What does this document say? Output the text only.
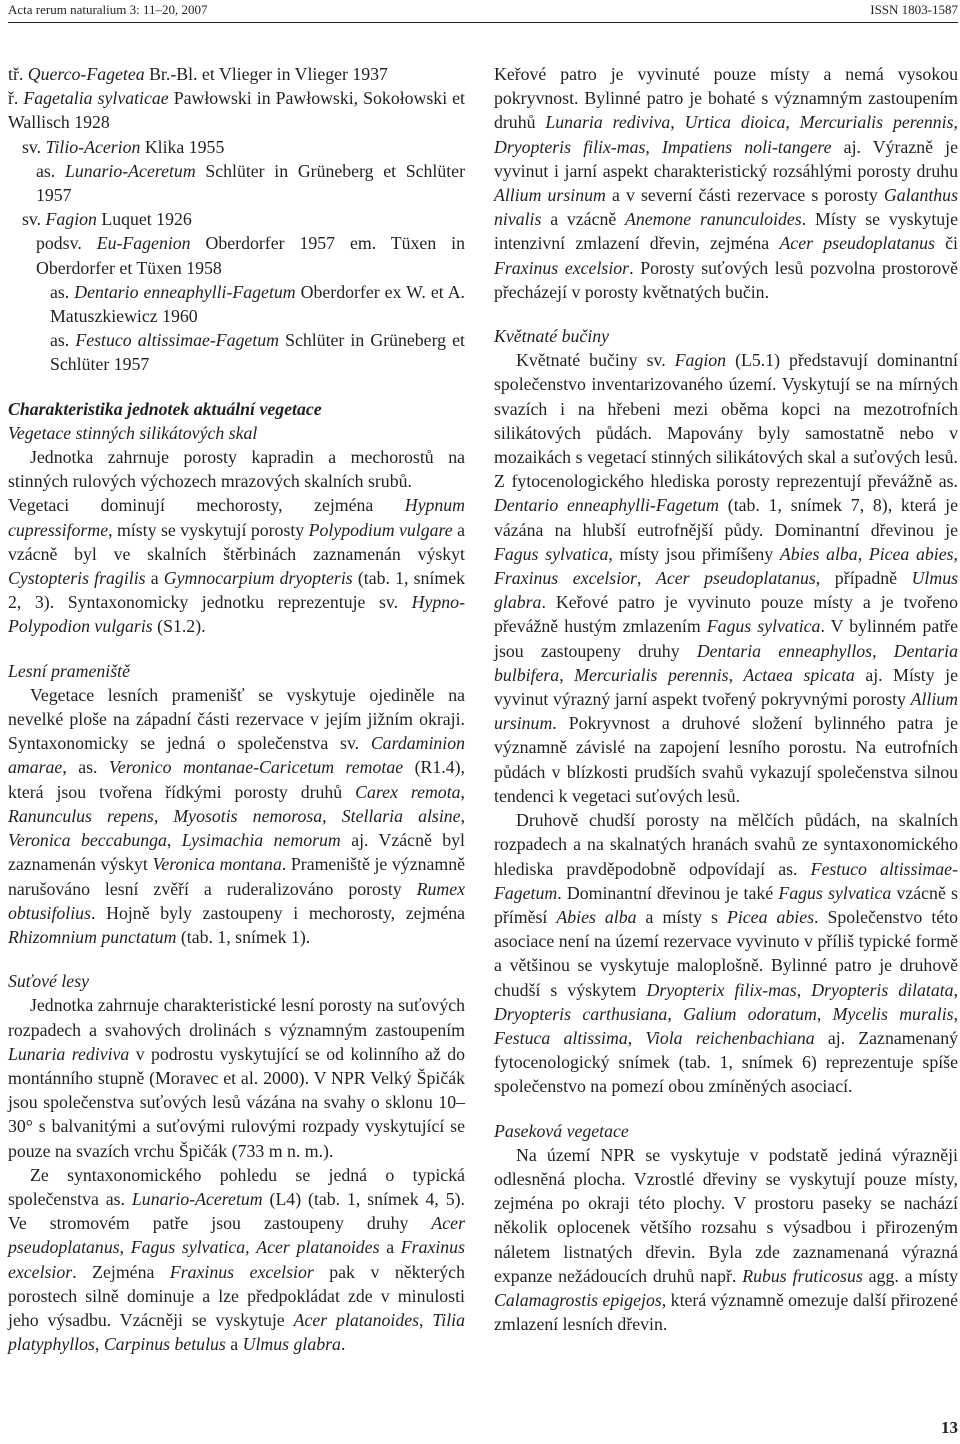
Acta rerum naturalium 3: 11–20, 2007	ISSN 1803-1587
tř. Querco-Fagetea Br.-Bl. et Vlieger in Vlieger 1937
ř. Fagetalia sylvaticae Pawłowski in Pawłowski, Sokołowski et Wallisch 1928
sv. Tilio-Acerion Klika 1955
as. Lunario-Aceretum Schlüter in Grüneberg et Schlüter 1957
sv. Fagion Luquet 1926
podsv. Eu-Fagenion Oberdorfer 1957 em. Tüxen in Oberdorfer et Tüxen 1958
as. Dentario enneaphylli-Fagetum Oberdorfer ex W. et A. Matuszkiewicz 1960
as. Festuco altissimae-Fagetum Schlüter in Grüneberg et Schlüter 1957
Charakteristika jednotek aktuální vegetace
Vegetace stinných silikátových skal

Jednotka zahrnuje porosty kapradin a mechorostů na stinných rulových výchozech mrazových skalních srubů.

Vegetaci dominují mechorosty, zejména Hypnum cupressiforme, místy se vyskytují porosty Polypodium vulgare a vzácně byl ve skalních štěrbinách zaznamenán výskyt Cystopteris fragilis a Gymnocarpium dryopteris (tab. 1, snímek 2, 3). Syntaxonomicky jednotku reprezentuje sv. Hypno-Polypodion vulgaris (S1.2).

Lesní prameniště

Vegetace lesních pramenišť se vyskytuje ojediněle na nevelké ploše na západní části rezervace v jejím jižním okraji. Syntaxonomicky se jedná o společenstva sv. Cardaminion amarae, as. Veronico montanae-Caricetum remotae (R1.4), která jsou tvořena řídkými porosty druhů Carex remota, Ranunculus repens, Myosotis nemorosa, Stellaria alsine, Veronica beccabunga, Lysimachia nemorum aj. Vzácně byl zaznamenán výskyt Veronica montana. Prameniště je významně narušováno lesní zvěří a ruderalizováno porosty Rumex obtusifolius. Hojně byly zastoupeny i mechorosty, zejména Rhizomnium punctatum (tab. 1, snímek 1).

Suťové lesy

Jednotka zahrnuje charakteristické lesní porosty na suťových rozpadech a svahových drolinách s významným zastoupením Lunaria rediviva v podrostu vyskytující se od kolinního až do montánního stupně (Moravec et al. 2000). V NPR Velký Špičák jsou společenstva suťových lesů vázána na svahy o sklonu 10–30° s balvanitými a suťovými rulovými rozpady vyskytující se pouze na svazích vrchu Špičák (733 m n. m.).

Ze syntaxonomického pohledu se jedná o typická společenstva as. Lunario-Aceretum (L4) (tab. 1, snímek 4, 5). Ve stromovém patře jsou zastoupeny druhy Acer pseudoplatanus, Fagus sylvatica, Acer platanoides a Fraxinus excelsior. Zejména Fraxinus excelsior pak v některých porostech silně dominuje a lze předpokládat zde v minulosti jeho výsadbu. Vzácněji se vyskytuje Acer platanoides, Tilia platyphyllos, Carpinus betulus a Ulmus glabra.

Keřové patro je vyvinuté pouze místy a nemá vysokou pokryvnost. Bylinné patro je bohaté s významným zastoupením druhů Lunaria rediviva, Urtica dioica, Mercurialis perennis, Dryopteris filix-mas, Impatiens noli-tangere aj. Výrazně je vyvinut i jarní aspekt charakteristický rozsáhlými porosty druhu Allium ursinum a v severní části rezervace s porosty Galanthus nivalis a vzácně Anemone ranunculoides. Místy se vyskytuje intenzivní zmlazení dřevin, zejména Acer pseudoplatanus či Fraxinus excelsior. Porosty suťových lesů pozvolna prostorově přecházejí v porosty květnatých bučin.

Květnaté bučiny

Květnaté bučiny sv. Fagion (L5.1) představují dominantní společenstvo inventarizovaného území. Vyskytují se na mírných svazích i na hřebeni mezi oběma kopci na mezotrofních silikátových půdách. Mapovány byly samostatně nebo v mozaikách s vegetací stinných silikátových skal a suťových lesů. Z fytocenologického hlediska porosty reprezentují převážně as. Dentario enneaphylli-Fagetum (tab. 1, snímek 7, 8), která je vázána na hlubší eutrofnější půdy. Dominantní dřevinou je Fagus sylvatica, místy jsou přimíšeny Abies alba, Picea abies, Fraxinus excelsior, Acer pseudoplatanus, případně Ulmus glabra. Keřové patro je vyvinuto pouze místy a je tvořeno převážně hustým zmlazením Fagus sylvatica. V bylinném patře jsou zastoupeny druhy Dentaria enneaphyllos, Dentaria bulbifera, Mercurialis perennis, Actaea spicata aj. Místy je vyvinut výrazný jarní aspekt tvořený pokryvnými porosty Allium ursinum. Pokryvnost a druhové složení bylinného patra je významně závislé na zapojení lesního porostu. Na eutrofních půdách v blízkosti prudších svahů vykazují společenstva silnou tendenci k vegetaci suťových lesů.

Druhově chudší porosty na mělčích půdách, na skalních rozpadech a na skalnatých hranách svahů ze syntaxonomického hlediska pravděpodobně odpovídají as. Festuco altissimae-Fagetum. Dominantní dřevinou je také Fagus sylvatica vzácně s příměsí Abies alba a místy s Picea abies. Společenstvo této asociace není na území rezervace vyvinuto v příliš typické formě a většinou se vyskytuje maloplošně. Bylinné patro je druhově chudší s výskytem Dryopterix filix-mas, Dryopteris dilatata, Dryopteris carthusiana, Galium odoratum, Mycelis muralis, Festuca altissima, Viola reichenbachiana aj. Zaznamenaný fytocenologický snímek (tab. 1, snímek 6) reprezentuje spíše společenstvo na pomezí obou zmíněných asociací.

Paseková vegetace

Na území NPR se vyskytuje v podstatě jediná výrazněji odlesněná plocha. Vzrostlé dřeviny se vyskytují pouze místy, zejména po okraji této plochy. V prostoru paseky se nachází několik oplocenek většího rozsahu s výsadbou i přirozeným náletem listnatých dřevin. Byla zde zaznamenaná výrazná expanze nežádoucích druhů např. Rubus fruticosus agg. a místy Calamagrostis epigejos, která významně omezuje další přirozené zmlazení lesních dřevin.

13
